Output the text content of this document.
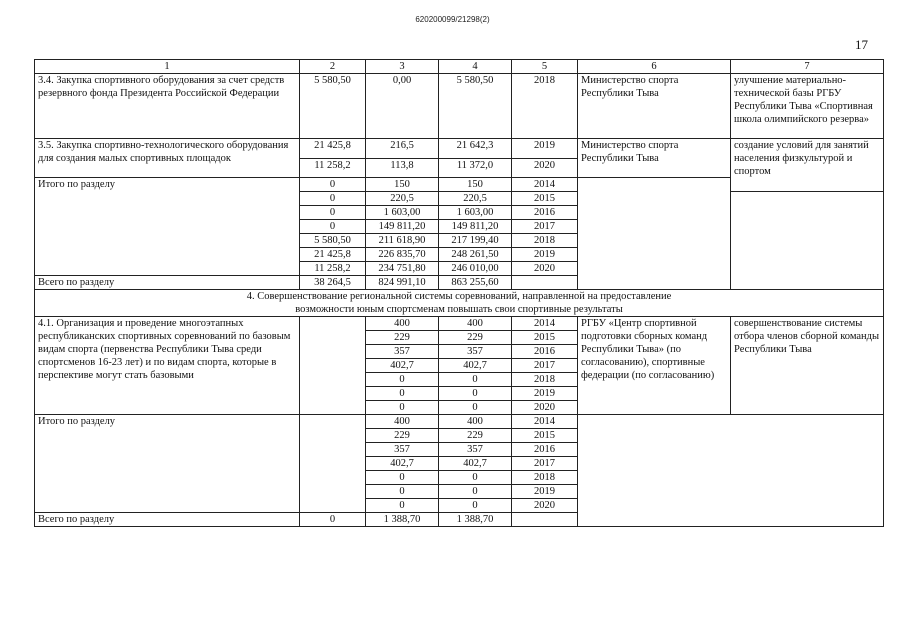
620200099/21298(2)
17
1	2	3	4	5	6	7
3.4. Закупка спортивного оборудования за счет средств резервного фонда Президента Российской Федерации	5 580,50	0,00	5 580,50	2018	Министерство спорта Республики Тыва	улучшение материально-технической базы РГБУ Республики Тыва «Спортивная школа олимпийского резерва»
3.5. Закупка спортивно-технологического оборудования для создания малых спортивных площадок	21 425,8	216,5	21 642,3	2019	Министерство спорта Республики Тыва	создание условий для занятий населения физкультурой и спортом
	11 258,2	113,8	11 372,0	2020		
Итого по разделу	0	150	150	2014		
	0	220,5	220,5	2015		
	0	1 603,00	1 603,00	2016		
	0	149 811,20	149 811,20	2017		
	5 580,50	211 618,90	217 199,40	2018		
	21 425,8	226 835,70	248 261,50	2019		
	11 258,2	234 751,80	246 010,00	2020		
Всего по разделу	38 264,5	824 991,10	863 255,60			

4. Совершенствование региональной системы соревнований, направленной на предоставление
возможности юным спортсменам повышать свои спортивные результаты						

4.1. Организация и проведение многоэтапных республиканских спортивных соревнований по базовым видам спорта (первенства Республики Тыва среди спортсменов 16-23 лет) и по видам спорта, которые в перспективе могут стать базовыми		400	400	2014	РГБУ «Центр спортивной подготовки сборных команд Республики Тыва» (по согласованию), спортивные федерации (по согласованию)	совершенствование системы отбора членов сборной команды Республики Тыва
		229	229	2015		
		357	357	2016		
		402,7	402,7	2017		
		0	0	2018		
		0	0	2019		
		0	0	2020		
Итого по разделу		400	400	2014		
		229	229	2015		
		357	357	2016		
		402,7	402,7	2017		
		0	0	2018		
		0	0	2019		
		0	0	2020		
Всего по разделу	0	1 388,70	1 388,70			
